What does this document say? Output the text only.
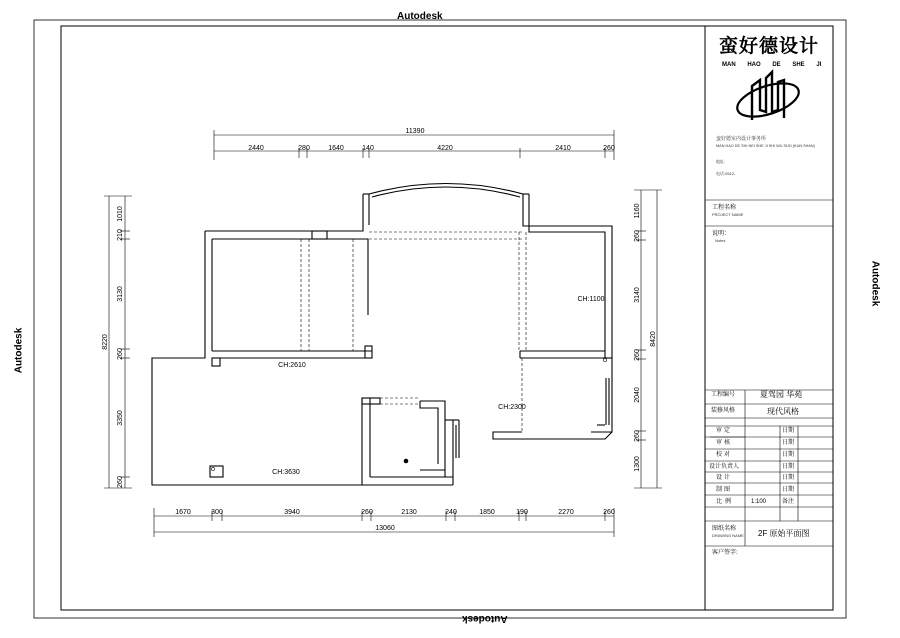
Autodesk
Autodesk
Autodesk
Autodesk
11390
2440	280	1640	140	4220	2410	260
1670	300	3940	260	2130	240	1850	190	2270	260
13060
CH:2610
CH:1100
CH:2300
CH:3630
8220
1010
210
3130
260
3350
260
8420
1160
260
3140
260
2040
260
1300
蛮好德设计
MAN HAO DE SHE JI
蛮好德室内设计事务所
MAN HAO DE SHI NEI SHE JI SHI WU SUO (KUN SHAN)
地址:
电话:0512-
工程名称
PROJECT NAME
说明：
Notes
工程编号	夏驾园 华苑
装修风格	现代风格
审定	日期
审核	日期
校对	日期
设计负责人	日期
设计	日期
制图	日期
比例	1:100	备注
图纸名称
DRAWING NAME 2F 原始平面图
客户签字:
